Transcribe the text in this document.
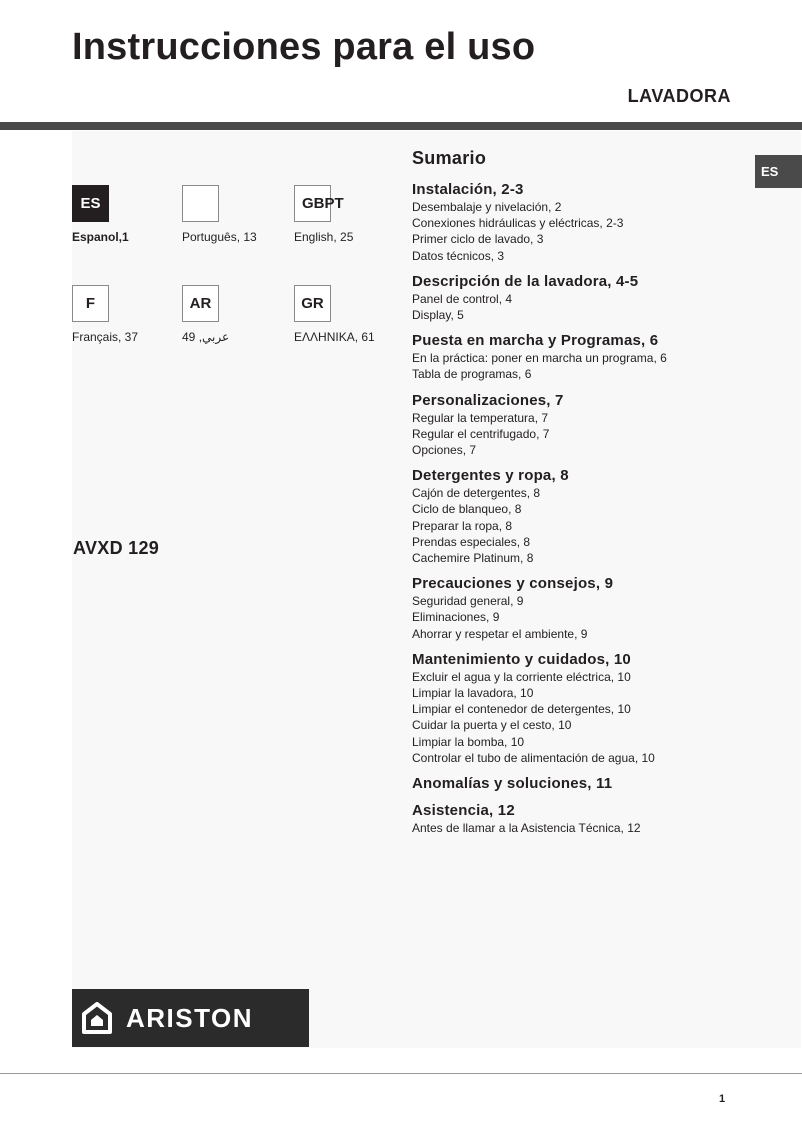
Instrucciones para el uso
LAVADORA
ES
ES
Espanol,1	Português, 13
GBPT
English, 25
F
Français, 37
AR
عربي, 49
GR
ΕΛΛΗΝΙΚΑ, 61
AVXD 129
ARISTON
Sumario
Instalación, 2-3
Desembalaje y nivelación, 2
Conexiones hidráulicas y eléctricas, 2-3
Primer ciclo de lavado, 3
Datos técnicos, 3
Descripción de la lavadora, 4-5
Panel de control, 4
Display, 5
Puesta en marcha y Programas, 6
En la práctica: poner en marcha un programa, 6
Tabla de programas, 6
Personalizaciones, 7
Regular la temperatura, 7
Regular el centrifugado, 7
Opciones, 7
Detergentes y ropa, 8
Cajón de detergentes, 8
Ciclo de blanqueo, 8
Preparar la ropa, 8
Prendas especiales, 8
Cachemire Platinum, 8
Precauciones y consejos, 9
Seguridad general, 9
Eliminaciones, 9
Ahorrar y respetar el ambiente, 9
Mantenimiento y cuidados, 10
Excluir el agua y la corriente eléctrica, 10
Limpiar la lavadora, 10
Limpiar el contenedor de detergentes, 10
Cuidar la puerta y el cesto, 10
Limpiar la bomba, 10
Controlar el tubo de alimentación de agua, 10
Anomalías y soluciones, 11
Asistencia, 12
Antes de llamar a la Asistencia Técnica, 12
1
